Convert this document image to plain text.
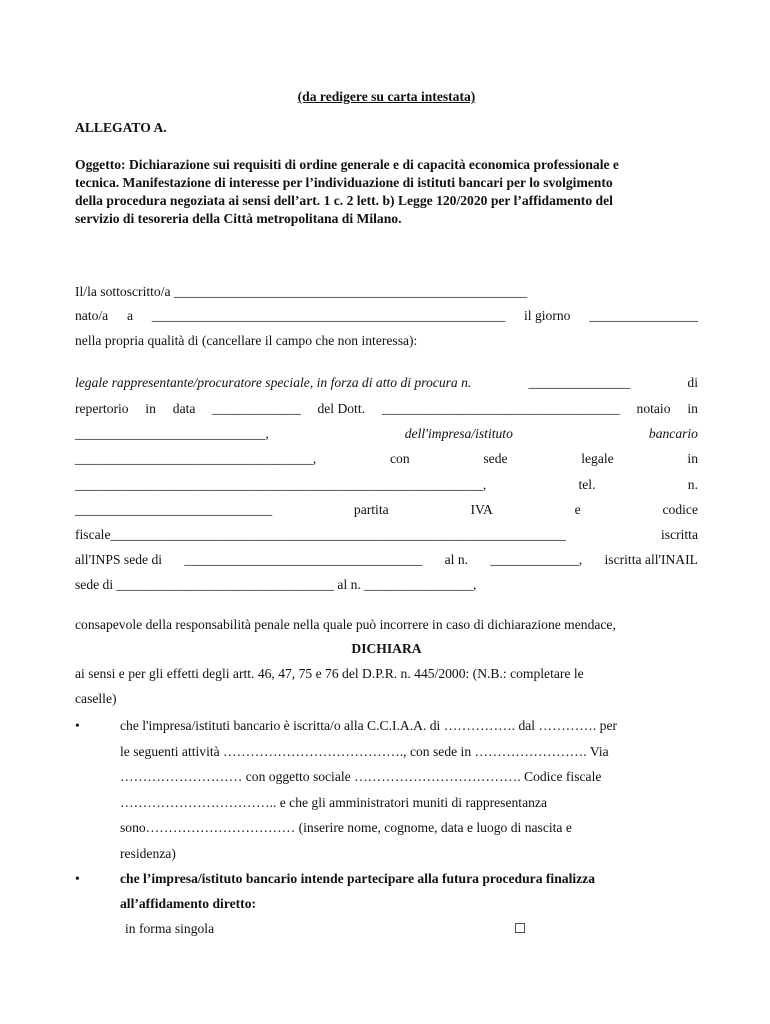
(da redigere su carta intestata)
ALLEGATO A.
Oggetto: Dichiarazione sui requisiti di ordine generale e di capacità economica professionale e
tecnica. Manifestazione di interesse per l’individuazione di istituti bancari per lo svolgimento
della procedura negoziata ai sensi dell’art. 1 c. 2 lett. b) Legge 120/2020 per l’affidamento del
servizio di tesoreria della Città metropolitana di Milano.
Il/la sottoscritto/a ____________________________________________________
nato/a a ____________________________________________________ il giorno ________________
nella propria qualità di (cancellare il campo che non interessa):
legale rappresentante/procuratore speciale, in forza di atto di procura n.	_______________	di
repertorio in data _____________ del Dott. ___________________________________ notaio in
____________________________,	dell'impresa/istituto	bancario
___________________________________,	con	sede	legale	in
____________________________________________________________,	tel.	n.
_____________________________	partita	IVA	e	codice
fiscale___________________________________________________________________	iscritta
all'INPS sede di ___________________________________ al n. _____________, iscritta all'INAIL
sede di ________________________________ al n. ________________,
consapevole della responsabilità penale nella quale può incorrere in caso di dichiarazione mendace,
DICHIARA
ai sensi e per gli effetti degli artt. 46, 47, 75 e 76 del D.P.R. n. 445/2000: (N.B.: completare le
caselle)
•	che l'impresa/istituti bancario è iscritta/o alla C.C.I.A.A. di ……………. dal …………. per
le seguenti attività …………………………………., con sede in ……………………. Via
……………………… con oggetto sociale ………………………………. Codice fiscale
…………………………….. e che gli amministratori muniti di rappresentanza
sono…………………………… (inserire nome, cognome, data e luogo di nascita e
residenza)
•	che l’impresa/istituto bancario intende partecipare alla futura procedura finalizza
all’affidamento diretto:
in forma singola	☐
